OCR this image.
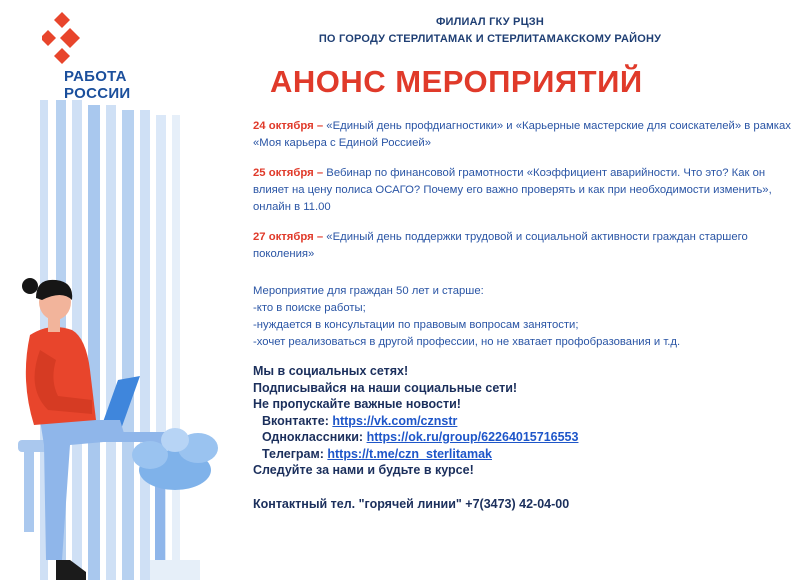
РАБОТА
РОССИИ
ФИЛИАЛ ГКУ РЦЗН
ПО ГОРОДУ СТЕРЛИТАМАК И СТЕРЛИТАМАКСКОМУ РАЙОНУ
АНОНС МЕРОПРИЯТИЙ

24 октября – «Единый день профдиагностики» и «Карьерные мастерские для соискателей» в рамках «Моя карьера с Единой Россией»

25 октября – Вебинар по финансовой грамотности «Коэффициент аварийности. Что это? Как он влияет на цену полиса ОСАГО? Почему его важно проверять и как при необходимости изменить», онлайн в 11.00

27 октября – «Единый день поддержки трудовой и социальной активности граждан старшего поколения»

Мероприятие для граждан 50 лет и старше:
-кто в поиске работы;
-нуждается в консультации по правовым вопросам занятости;
-хочет реализоваться в другой профессии, но не хватает профобразования и т.д.
Мы в социальных сетях!
Подписывайся на наши социальные сети!
Не пропускайте важные новости!
Вконтакте: https://vk.com/cznstr
Одноклассники: https://ok.ru/group/62264015716553
Телеграм: https://t.me/czn_sterlitamak
Следуйте за нами и будьте в курсе!
Контактный тел. "горячей линии" +7(3473) 42-04-00
